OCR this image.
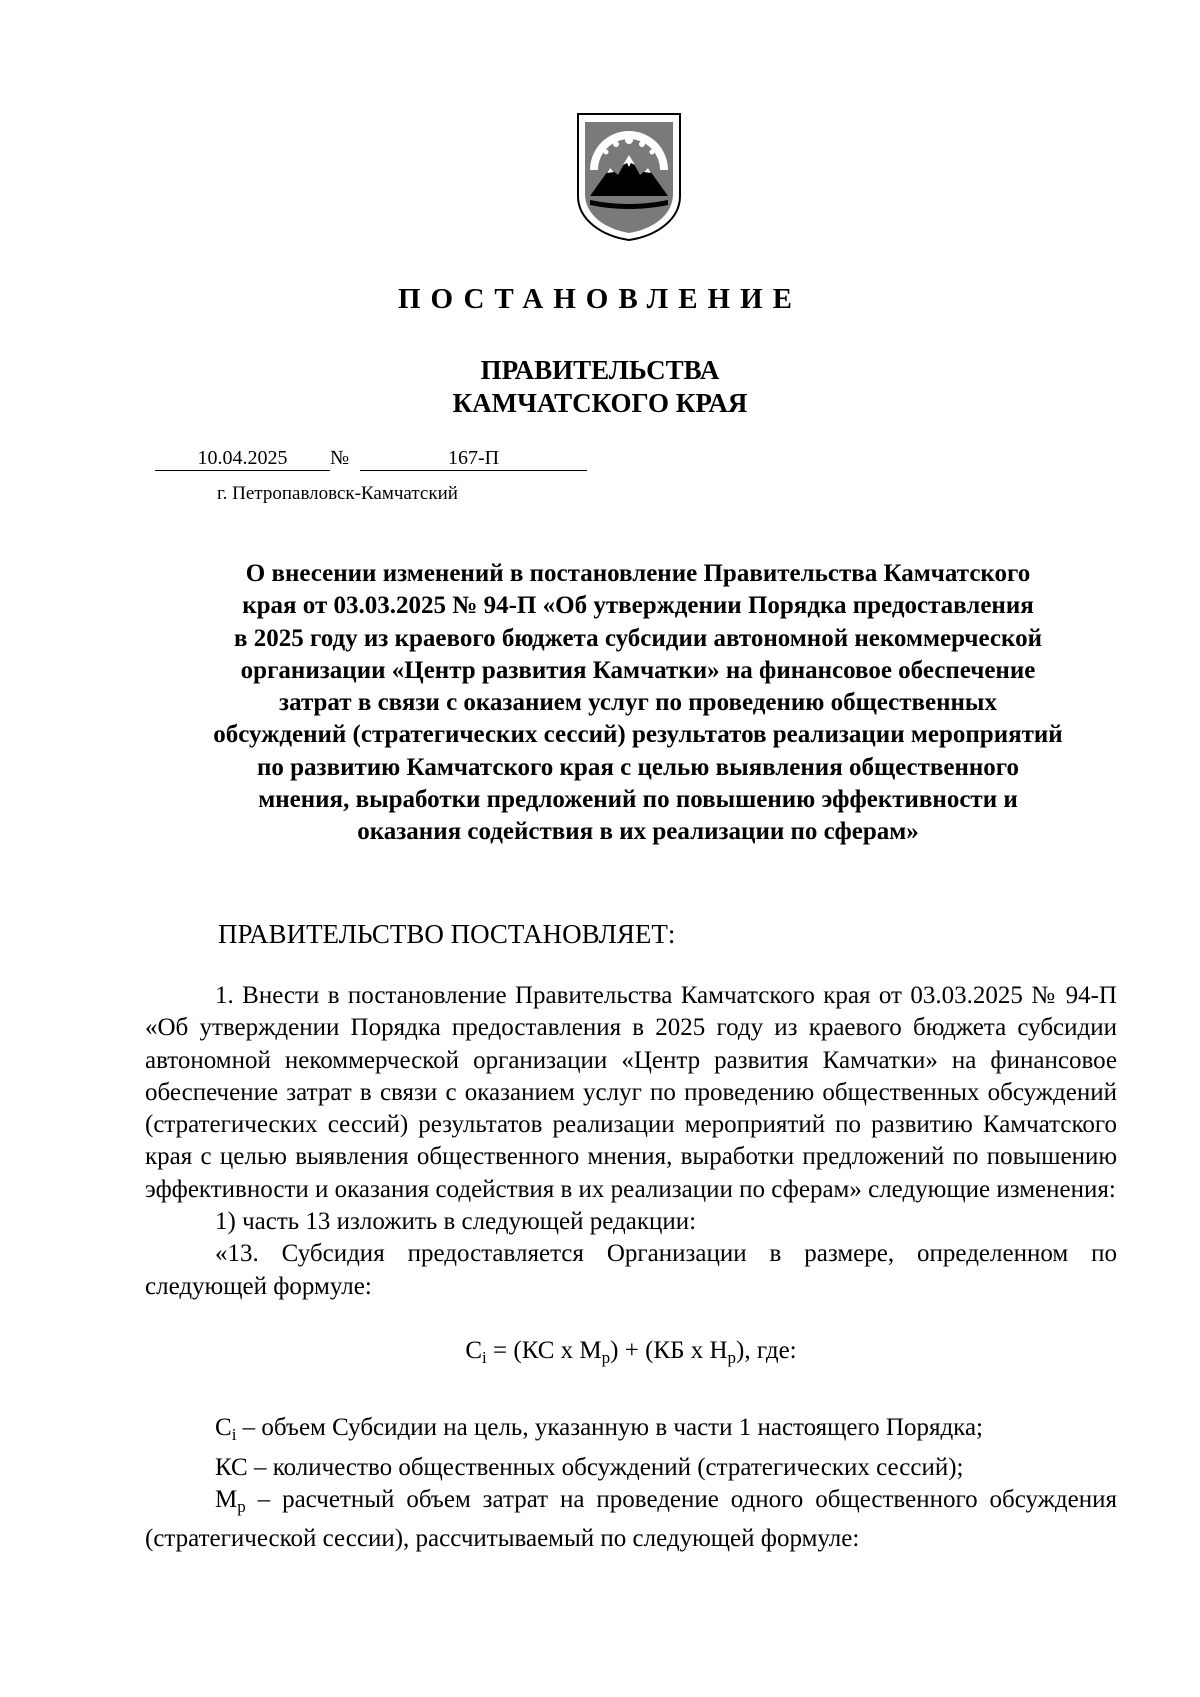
ПОСТАНОВЛЕНИЕ
ПРАВИТЕЛЬСТВА
КАМЧАТСКОГО КРАЯ
10.04.2025 №	167-П
г. Петропавловск-Камчатский
О внесении изменений в постановление Правительства Камчатского
края от 03.03.2025 № 94-П «Об утверждении Порядка предоставления
в 2025 году из краевого бюджета субсидии автономной некоммерческой
организации «Центр развития Камчатки» на финансовое обеспечение
затрат в связи с оказанием услуг по проведению общественных
обсуждений (стратегических сессий) результатов реализации мероприятий
по развитию Камчатского края с целью выявления общественного
мнения, выработки предложений по повышению эффективности и
оказания содействия в их реализации по сферам»
ПРАВИТЕЛЬСТВО ПОСТАНОВЛЯЕТ:

1. Внести в постановление Правительства Камчатского края от 03.03.2025 № 94-П «Об утверждении Порядка предоставления в 2025 году из краевого бюджета субсидии автономной некоммерческой организации «Центр развития Камчатки» на финансовое обеспечение затрат в связи с оказанием услуг по проведению общественных обсуждений (стратегических сессий) результатов реализации мероприятий по развитию Камчатского края с целью выявления общественного мнения, выработки предложений по повышению эффективности и оказания содействия в их реализации по сферам» следующие изменения:

1) часть 13 изложить в следующей редакции:

«13. Субсидия предоставляется Организации в размере, определенном по следующей формуле:

$C_i = (КС$ x $М_р) + (КБ$ x $Н_р$), где:

$C_i$ – объем Субсидии на цель, указанную в части 1 настоящего Порядка;

КС – количество общественных обсуждений (стратегических сессий);

$М_р$ – расчетный объем затрат на проведение одного общественного обсуждения (стратегической сессии), рассчитываемый по следующей формуле:
